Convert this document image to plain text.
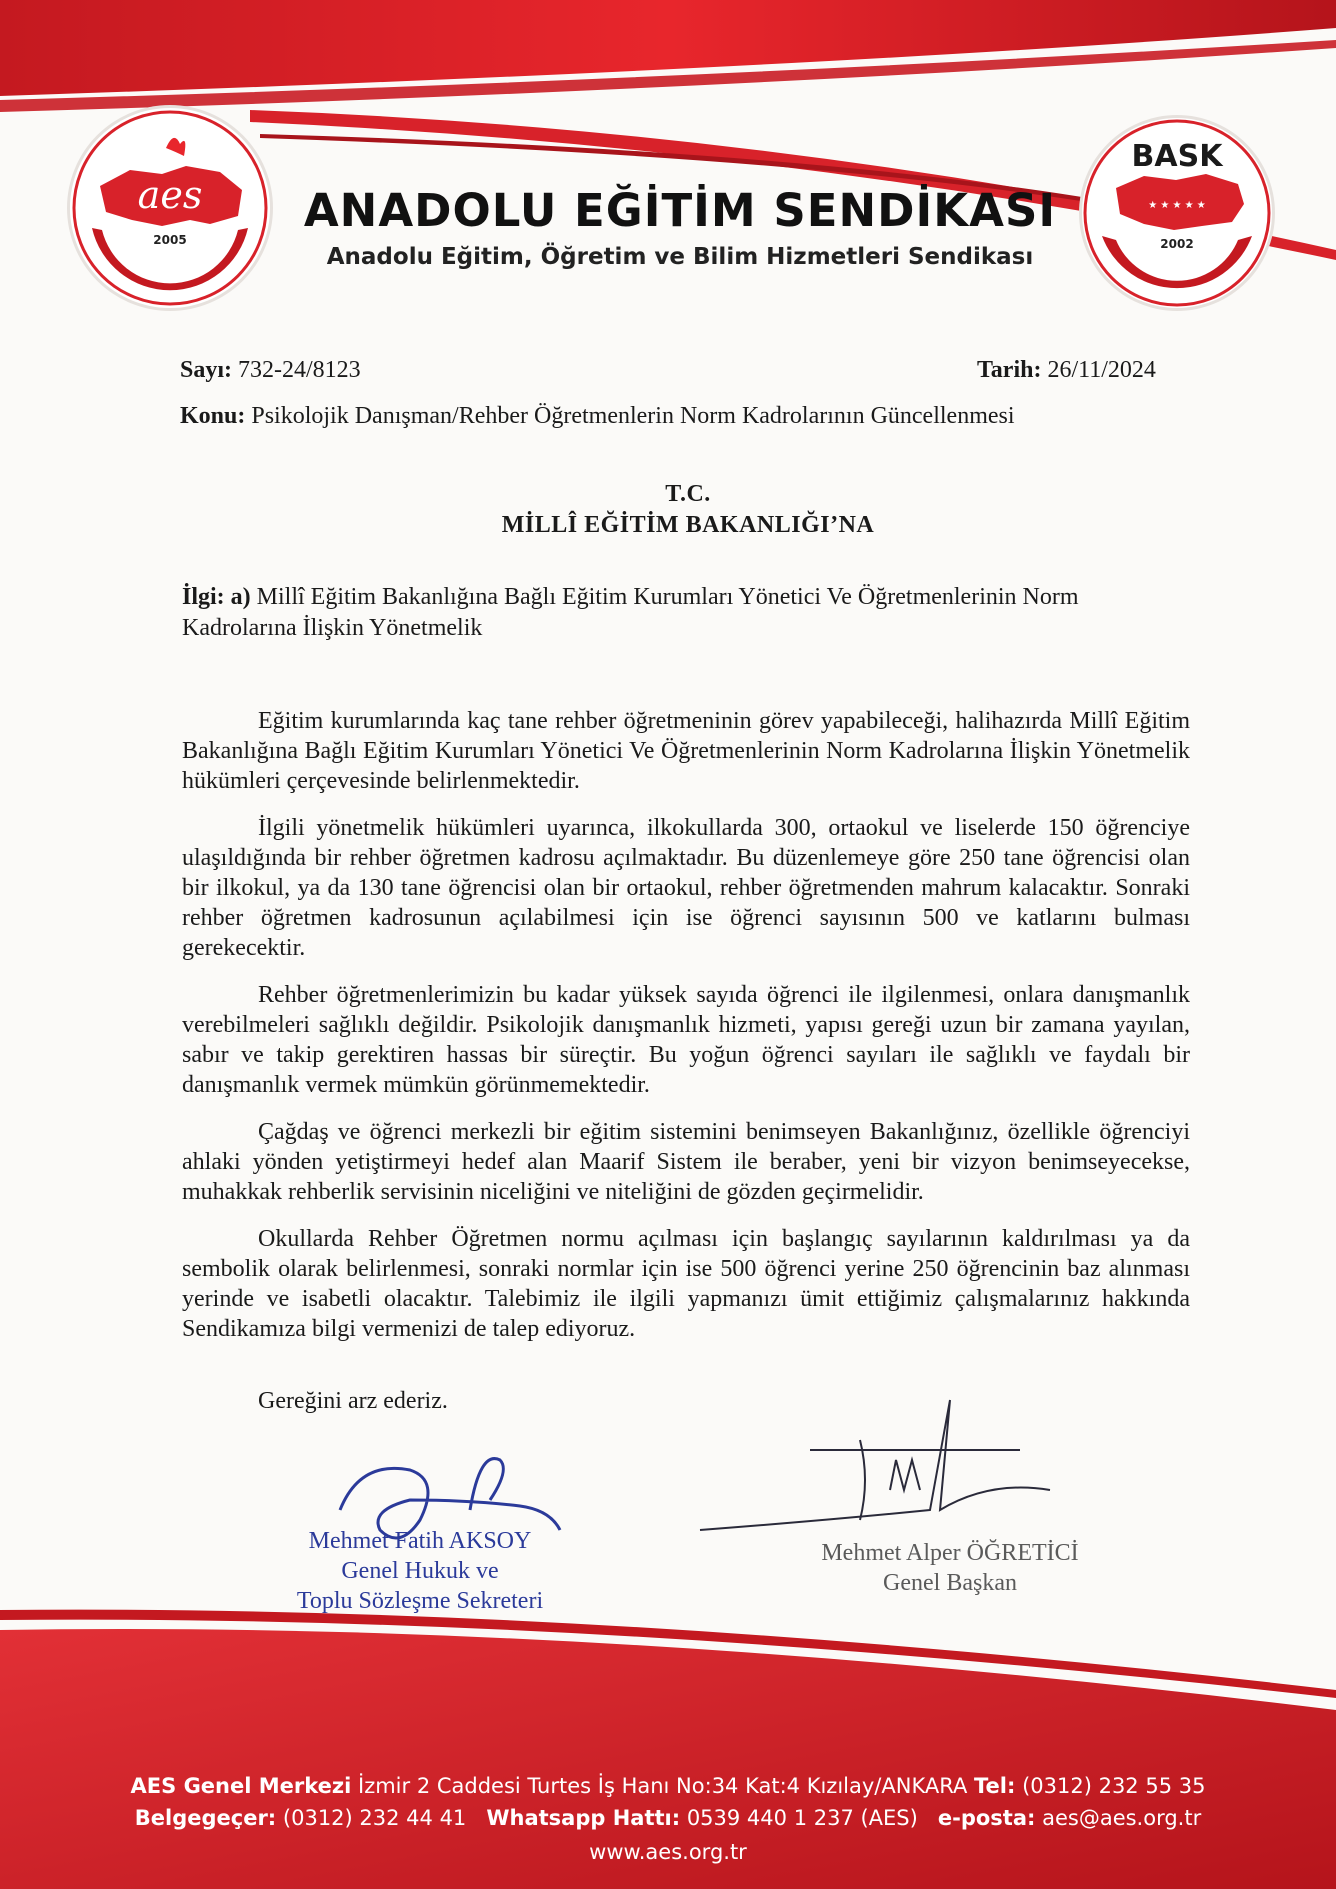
aes
2005
BASK
★ ★ ★ ★ ★
2002
ANADOLU EĞİTİM SENDİKASI
Anadolu Eğitim, Öğretim ve Bilim Hizmetleri Sendikası
Sayı: 732-24/8123	Tarih: 26/11/2024
Konu: Psikolojik Danışman/Rehber Öğretmenlerin Norm Kadrolarının Güncellenmesi
T.C.
MİLLÎ EĞİTİM BAKANLIĞI’NA
İlgi: a) Millî Eğitim Bakanlığına Bağlı Eğitim Kurumları Yönetici Ve Öğretmenlerinin Norm Kadrolarına İlişkin Yönetmelik

Eğitim kurumlarında kaç tane rehber öğretmeninin görev yapabileceği, halihazırda Millî Eğitim Bakanlığına Bağlı Eğitim Kurumları Yönetici Ve Öğretmenlerinin Norm Kadrolarına İlişkin Yönetmelik hükümleri çerçevesinde belirlenmektedir.

İlgili yönetmelik hükümleri uyarınca, ilkokullarda 300, ortaokul ve liselerde 150 öğrenciye ulaşıldığında bir rehber öğretmen kadrosu açılmaktadır. Bu düzenlemeye göre 250 tane öğrencisi olan bir ilkokul, ya da 130 tane öğrencisi olan bir ortaokul, rehber öğretmenden mahrum kalacaktır. Sonraki rehber öğretmen kadrosunun açılabilmesi için ise öğrenci sayısının 500 ve katlarını bulması gerekecektir.

Rehber öğretmenlerimizin bu kadar yüksek sayıda öğrenci ile ilgilenmesi, onlara danışmanlık verebilmeleri sağlıklı değildir. Psikolojik danışmanlık hizmeti, yapısı gereği uzun bir zamana yayılan, sabır ve takip gerektiren hassas bir süreçtir. Bu yoğun öğrenci sayıları ile sağlıklı ve faydalı bir danışmanlık vermek mümkün görünmemektedir.

Çağdaş ve öğrenci merkezli bir eğitim sistemini benimseyen Bakanlığınız, özellikle öğrenciyi ahlaki yönden yetiştirmeyi hedef alan Maarif Sistem ile beraber, yeni bir vizyon benimseyecekse, muhakkak rehberlik servisinin niceliğini ve niteliğini de gözden geçirmelidir.

Okullarda Rehber Öğretmen normu açılması için başlangıç sayılarının kaldırılması ya da sembolik olarak belirlenmesi, sonraki normlar için ise 500 öğrenci yerine 250 öğrencinin baz alınması yerinde ve isabetli olacaktır. Talebimiz ile ilgili yapmanızı ümit ettiğimiz çalışmalarınız hakkında Sendikamıza bilgi vermenizi de talep ediyoruz.

Gereğini arz ederiz.
Mehmet Fatih AKSOY
Genel Hukuk ve
Toplu Sözleşme Sekreteri
Mehmet Alper ÖĞRETİCİ
Genel Başkan
AES Genel Merkezi İzmir 2 Caddesi Turtes İş Hanı No:34 Kat:4 Kızılay/ANKARA Tel: (0312) 232 55 35
Belgegeçer: (0312) 232 44 41 Whatsapp Hattı: 0539 440 1 237 (AES) e-posta: aes@aes.org.tr
www.aes.org.tr
